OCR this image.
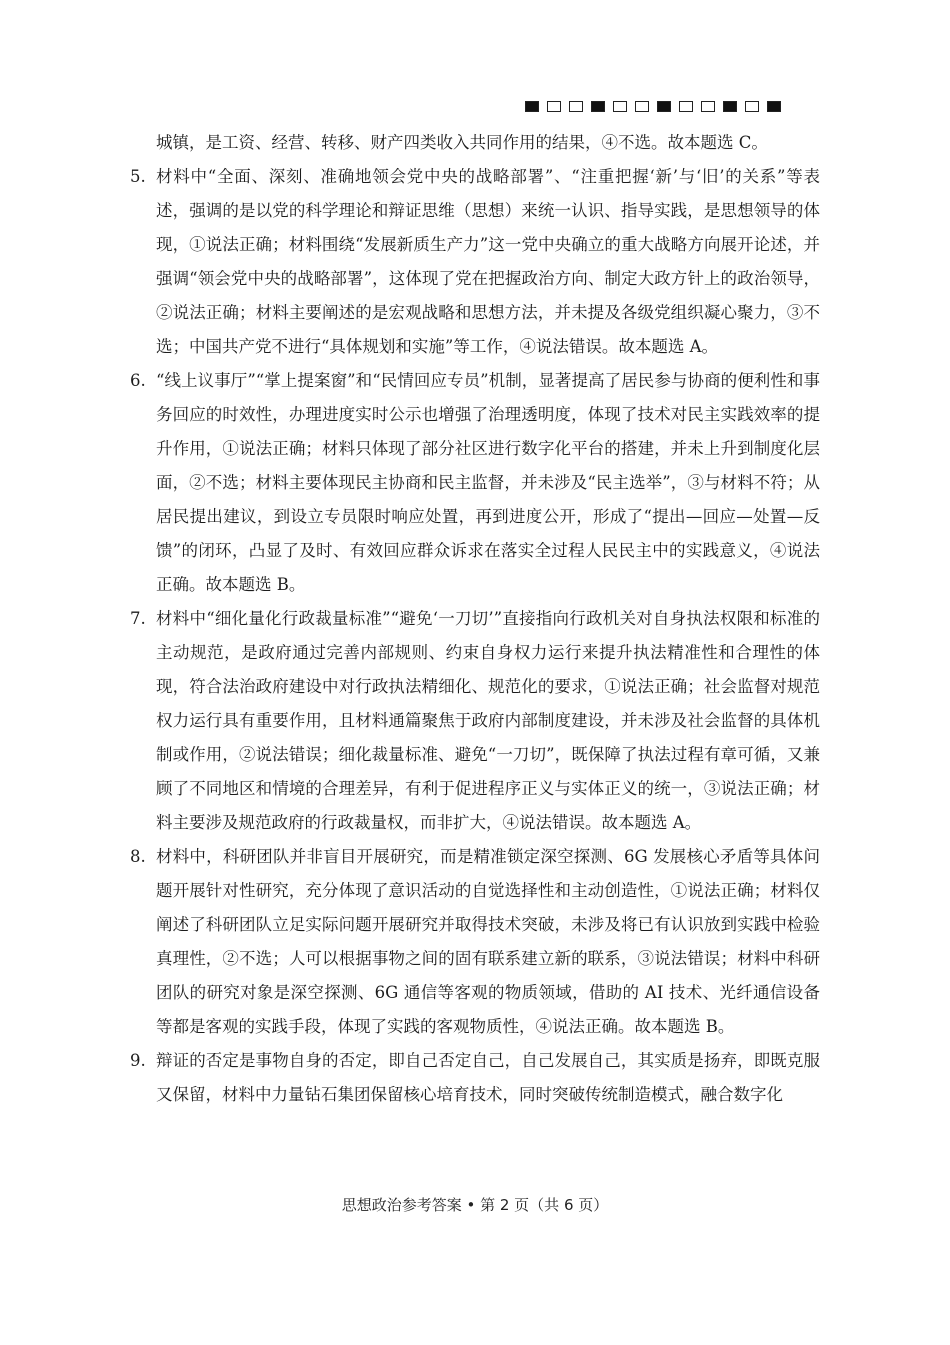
城镇，是工资、经营、转移、财产四类收入共同作用的结果，④不选。故本题选 C。
5. 材料中“全面、深刻、准确地领会党中央的战略部署”、“注重把握‘新’与‘旧’的关系”等表述，强调的是以党的科学理论和辩证思维（思想）来统一认识、指导实践，是思想领导的体现，①说法正确；材料围绕“发展新质生产力”这一党中央确立的重大战略方向展开论述，并强调“领会党中央的战略部署”，这体现了党在把握政治方向、制定大政方针上的政治领导，②说法正确；材料主要阐述的是宏观战略和思想方法，并未提及各级党组织凝心聚力，③不选；中国共产党不进行“具体规划和实施”等工作，④说法错误。故本题选 A。
6. “线上议事厅”“掌上提案窗”和“民情回应专员”机制，显著提高了居民参与协商的便利性和事务回应的时效性，办理进度实时公示也增强了治理透明度，体现了技术对民主实践效率的提升作用，①说法正确；材料只体现了部分社区进行数字化平台的搭建，并未上升到制度化层面，②不选；材料主要体现民主协商和民主监督，并未涉及“民主选举”，③与材料不符；从居民提出建议，到设立专员限时响应处置，再到进度公开，形成了“提出—回应—处置—反馈”的闭环，凸显了及时、有效回应群众诉求在落实全过程人民民主中的实践意义，④说法正确。故本题选 B。
7. 材料中“细化量化行政裁量标准”“避免‘一刀切’”直接指向行政机关对自身执法权限和标准的主动规范，是政府通过完善内部规则、约束自身权力运行来提升执法精准性和合理性的体现，符合法治政府建设中对行政执法精细化、规范化的要求，①说法正确；社会监督对规范权力运行具有重要作用，且材料通篇聚焦于政府内部制度建设，并未涉及社会监督的具体机制或作用，②说法错误；细化裁量标准、避免“一刀切”，既保障了执法过程有章可循，又兼顾了不同地区和情境的合理差异，有利于促进程序正义与实体正义的统一，③说法正确；材料主要涉及规范政府的行政裁量权，而非扩大，④说法错误。故本题选 A。
8. 材料中，科研团队并非盲目开展研究，而是精准锁定深空探测、6G 发展核心矛盾等具体问题开展针对性研究，充分体现了意识活动的自觉选择性和主动创造性，①说法正确；材料仅阐述了科研团队立足实际问题开展研究并取得技术突破，未涉及将已有认识放到实践中检验真理性，②不选；人可以根据事物之间的固有联系建立新的联系，③说法错误；材料中科研团队的研究对象是深空探测、6G 通信等客观的物质领域，借助的 AI 技术、光纤通信设备等都是客观的实践手段，体现了实践的客观物质性，④说法正确。故本题选 B。
9. 辩证的否定是事物自身的否定，即自己否定自己，自己发展自己，其实质是扬弃，即既克服又保留，材料中力量钻石集团保留核心培育技术，同时突破传统制造模式，融合数字化
思想政治参考答案 • 第 2 页（共 6 页）
